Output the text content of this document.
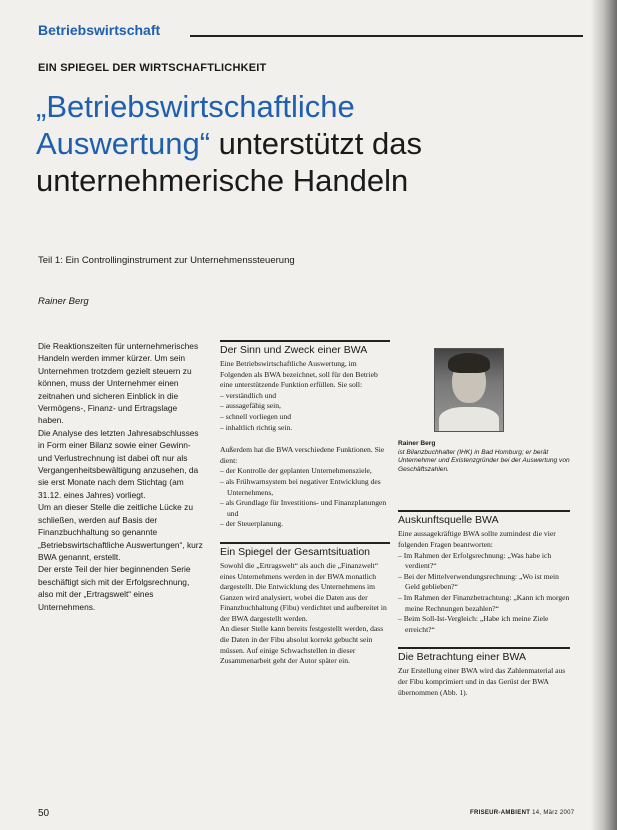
Betriebswirtschaft
EIN SPIEGEL DER WIRTSCHAFTLICHKEIT
„Betriebswirtschaftliche
Auswertung“ unterstützt das
unternehmerische Handeln
Teil 1: Ein Controllinginstrument zur Unternehmenssteuerung
Rainer Berg

Die Reaktionszeiten für unternehmerisches Handeln werden immer kürzer. Um sein Unternehmen trotzdem gezielt steuern zu können, muss der Unternehmer einen zeitnahen und sicheren Einblick in die Vermögens-, Finanz- und Ertragslage haben.

Die Analyse des letzten Jahresabschlusses in Form einer Bilanz sowie einer Gewinn- und Verlustrechnung ist dabei oft nur als Vergangenheitsbewältigung anzusehen, da sie erst Monate nach dem Stichtag (am 31.12. eines Jahres) vorliegt.

Um an dieser Stelle die zeitliche Lücke zu schließen, werden auf Basis der Finanzbuchhaltung so genannte „Betriebswirtschaftliche Auswertungen“, kurz BWA genannt, erstellt.

Der erste Teil der hier beginnenden Serie beschäftigt sich mit der Erfolgsrechnung, also mit der „Ertragswelt“ eines Unternehmens.

Der Sinn und Zweck einer BWA

Eine Betriebswirtschaftliche Auswertung, im Folgenden als BWA bezeichnet, soll für den Betrieb eine unterstützende Funktion erfüllen. Sie soll:

– verständlich und
– aussagefähig sein,
– schnell vorliegen und
– inhaltlich richtig sein.

Außerdem hat die BWA verschiedene Funktionen. Sie dient:

– der Kontrolle der geplanten Unternehmensziele,
– als Frühwarnsystem bei negativer Entwicklung des Unternehmens,
– als Grundlage für Investitions- und Finanzplanungen und
– der Steuerplanung.
Ein Spiegel der Gesamtsituation

Sowohl die „Ertragswelt“ als auch die „Finanzwelt“ eines Unternehmens werden in der BWA monatlich dargestellt. Die Entwicklung des Unternehmens im Ganzen wird analysiert, wobei die Daten aus der Finanzbuchhaltung (Fibu) verdichtet und aufbereitet in der BWA dargestellt werden.

An dieser Stelle kann bereits festgestellt werden, dass die Daten in der Fibu absolut korrekt gebucht sein müssen. Auf einige Schwachstellen in dieser Zusammenarbeit geht der Autor später ein.

Rainer Berg
ist Bilanzbuchhalter (IHK) in Bad Homburg; er berät Unternehmer und Existenzgründer bei der Auswertung von Geschäftszahlen.
Auskunftsquelle BWA

Eine aussagekräftige BWA sollte zumindest die vier folgenden Fragen beantworten:

– Im Rahmen der Erfolgsrechnung: „Was habe ich verdient?“
– Bei der Mittelverwendungsrechnung: „Wo ist mein Geld geblieben?“
– Im Rahmen der Finanzbetrachtung: „Kann ich morgen meine Rechnungen bezahlen?“
– Beim Soll-Ist-Vergleich: „Habe ich meine Ziele erreicht?“
Die Betrachtung einer BWA

Zur Erstellung einer BWA wird das Zahlenmaterial aus der Fibu komprimiert und in das Gerüst der BWA übernommen (Abb. 1).

50	FRISEUR-AMBIENT 14, März 2007
